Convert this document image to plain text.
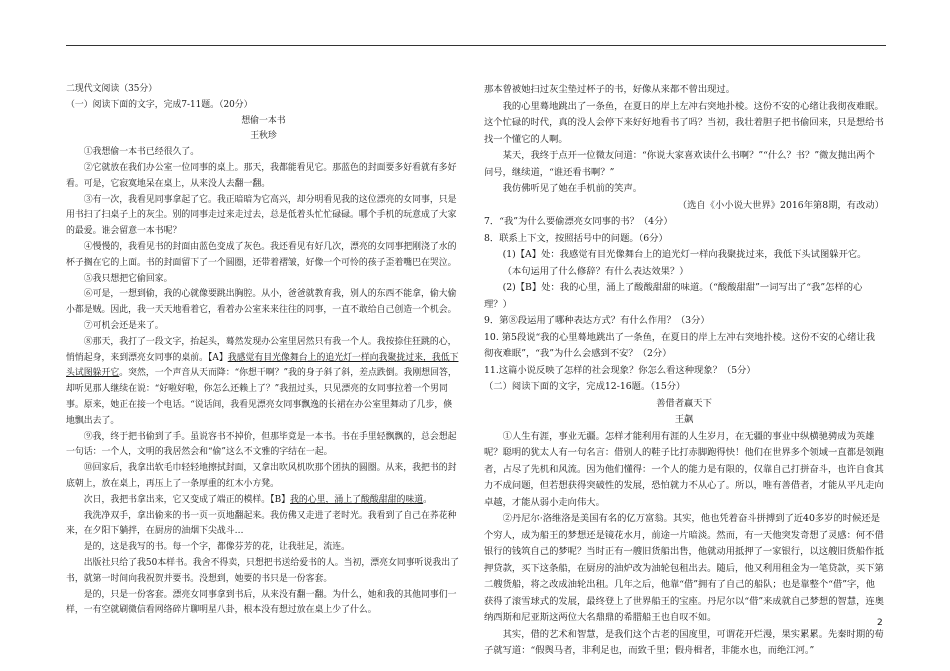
二现代文阅读（35分）

（一）阅读下面的文字，完成7-11题。（20分）

想偷一本书

王秋珍

①我想偷一本书已经很久了。

②它就放在我们办公室一位同事的桌上。那天，我都能看见它。那蓝色的封面要多好看就有多好看。可是，它寂寞地呆在桌上，从来没人去翻一翻。

③有一次，我看见同事拿起了它。我正暗暗为它高兴，却分明看见我的这位漂亮的女同事，只是用书扫了扫桌子上的灰尘。别的同事走过来走过去，总是低着头忙忙碌碌。哪个手机的玩意成了大家的最爱。谁会留意一本书呢？

④慢慢的，我看见书的封面由蓝色变成了灰色。我还看见有好几次，漂亮的女同事把刚浇了水的杯子搁在它的上面。书的封面留下了一个圆圈，还带着褶皱，好像一个可怜的孩子歪着嘴巴在哭泣。

⑤我只想把它偷回家。

⑥可是，一想到偷，我的心就像要跳出胸腔。从小，爸爸就教育我，别人的东西不能拿，偷大偷小都是贼。因此，我一天天地看着它，看着办公室来来往往的同事，一直不敢给自己创造一个机会。

⑦可机会还是来了。

⑧那天，我打了一段文字，抬起头，蓦然发现办公室里居然只有我一个人。我按捺住狂跳的心，悄悄起身，来到漂亮女同事的桌前。【A】我感觉有目光像舞台上的追光灯一样向我聚拢过来，我低下头试图躲开它。突然，一个声音从天而降：“你想干啊？”我的身子斜了斜，差点跌倒。我刚想回答，却听见那人继续在说：“好啦好啦，你怎么还赖上了？”我扭过头，只见漂亮的女同事拉着一个男同事。原来，她正在接一个电话。“说话间，我看见漂亮女同事飘逸的长裙在办公室里舞动了几步，倏地飘出去了。

⑨我，终于把书偷到了手。虽说容书不掉价，但那毕竟是一本书。书在手里轻飘飘的，总会想起一句话：一个人，文明的我居然会和“偷”这么不文雅的字结在一起。

⑩回家后，我拿出软毛巾轻轻地擦拭封面，又拿出吹风机吹那个团执的圆圈。从来，我把书的封底朝上，放在桌上，再压上了一条厚重的红木小方凳。

次日，我把书拿出来，它又变成了端正的模样。【B】我的心里，涌上了酸酸甜甜的味道。

我洗净双手，拿出偷来的书一页一页地翻起来。我仿佛又走进了老时光。我看到了自己在荞花种来，在夕阳下躺拌，在厨房的油烟下尖战斗…

是的，这是我写的书。每一个字，都像芬芳的花，让我驻足，流连。

出版社只给了我50本样书。我舍不得卖，只想把书送给爱书的人。当初，漂亮女同事听说我出了书，就第一时间向我祝贺并要书。没想到，她要的书只是一份客套。

是的，只是一份客套。漂亮女同事拿到书后，从来没有翻一翻。为什么，她和我的其他同事们一样，一有空就刷微信看网络碎片聊明星八卦，根本没有想过放在桌上少了什么。

那本曾被她扫过灰尘垫过杯子的书，好像从来都不曾出现过。

我的心里蓦地跳出了一条鱼，在夏日的岸上左冲右突地扑棱。这份不安的心绪让我彻夜难眠。这个忙碌的时代，真的没人会停下来好好地看书了吗？当初，我壮着胆子把书偷回来，只是想给书找一个懂它的人啊。

某天，我终于点开一位微友问道：“你说大家喜欢读什么书啊？”“什么？书？”微友抛出两个问号，继续道，“谁还看书啊？”

我仿佛听见了她在手机前的笑声。

（选自《小小说大世界》2016年第8期，有改动）

7．“我”为什么要偷漂亮女同事的书？（4分）

8．联系上下文，按照括号中的问题。（6分）

(1)【A】处：我感觉有目光像舞台上的追光灯一样向我聚拢过来，我低下头试图躲开它。

（本句运用了什么修辞？有什么表达效果？）

(2)【B】处：我的心里，涌上了酸酸甜甜的味道。（“酸酸甜甜”一词写出了“我”怎样的心理？）

9．第⑧段运用了哪种表达方式？有什么作用？（3分）

10. 第5段说“我的心里蓦地跳出了一条鱼，在夏日的岸上左冲右突地扑棱。这份不安的心绪让我彻夜难眠”，“我”为什么会感到不安？（2分）

11.这篇小说反映了怎样的社会现象？你怎么看这种现象？（5分）

（二）阅读下面的文字，完成12-16题。（15分）

善借者赢天下

王飙

①人生有涯，事业无疆。怎样才能利用有涯的人生岁月，在无疆的事业中纵横驰骋成为英雄呢？聪明的犹太人有一句名言：借别人的鞋子比打赤脚跑得快！他们在世界多个领域一直都是领跑者，占尽了先机和风流。因为他们懂得：一个人的能力是有限的，仅靠自己打拼奋斗，也许自食其力不成问题，但若想获得突破性的发展，恐怕就力不从心了。所以，唯有善借者，才能从平凡走向卓越，才能从弱小走向伟大。

②丹尼尔·洛维洛是美国有名的亿万富翁。其实，他也凭着奋斗拼搏到了近40多岁的时候还是个穷人，成为船王的梦想还是镜花水月，前途一片暗淡。然而，有一天他突发奇想了灵感：何不借银行的钱筑自己的梦呢？当时正有一艘旧货船出售，他就动用抵押了一家银行，以这艘旧货船作抵押贷款，买下这条船，在厨房的油炉改为油轮包租出去。随后，他又利用租金为一笔贷款，买下第二艘货船，将之改成油轮出租。几年之后，他靠“借”拥有了自己的船队；也是靠整个“借”字，他获得了滚雪球式的发展，最终登上了世界船王的宝座。丹尼尔以“借”来成就自己梦想的智慧，连奥纳西斯和尼亚斯这两位大名鼎鼎的希腊船王也自叹不如。

其实，借的艺术和智慧，是我们这个古老的国度里，可谓花开烂漫，果实累累。先秦时期的荀子就写道：“假舆马者，非利足也，而致千里；假舟楫者，非能水也，而绝江河。”

2
